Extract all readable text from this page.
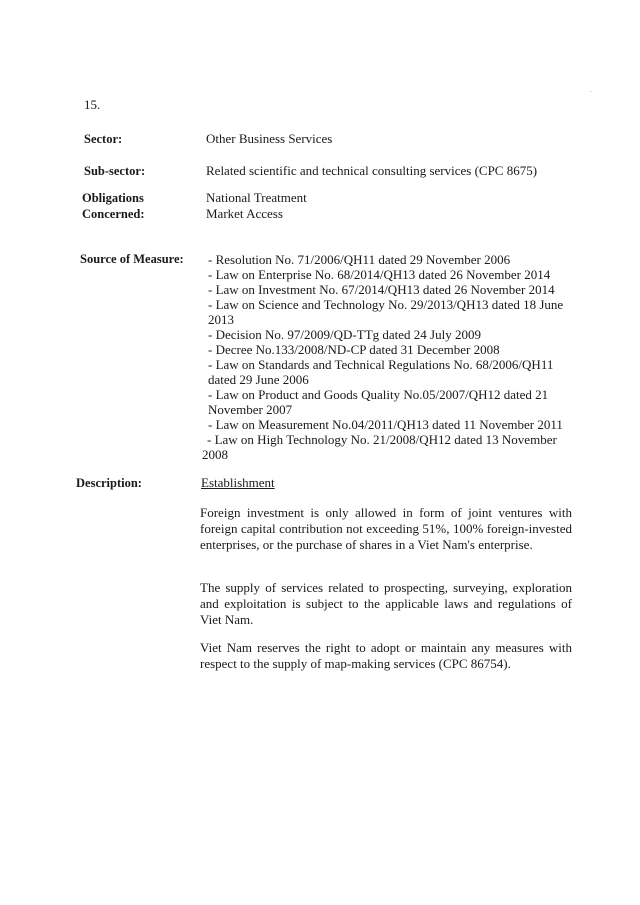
15.
Sector:	Other Business Services
Sub-sector:	Related scientific and technical consulting services (CPC 8675)
Obligations
Concerned:
National Treatment
Market Access
Source of Measure:	- Resolution No. 71/2006/QH11 dated 29 November 2006
- Law on Enterprise No. 68/2014/QH13 dated 26 November 2014
- Law on Investment No. 67/2014/QH13 dated 26 November 2014
- Law on Science and Technology No. 29/2013/QH13 dated 18 June
2013
- Decision No. 97/2009/QD-TTg dated 24 July 2009
- Decree No.133/2008/ND-CP dated 31 December 2008
- Law on Standards and Technical Regulations No. 68/2006/QH11
dated 29 June 2006
- Law on Product and Goods Quality No.05/2007/QH12 dated 21
November 2007
- Law on Measurement No.04/2011/QH13 dated 11 November 2011
- Law on High Technology No. 21/2008/QH12 dated 13 November
2008
Description:	Establishment
Foreign investment is only allowed in form of joint ventures with foreign capital contribution not exceeding 51%, 100% foreign-invested enterprises, or the purchase of shares in a Viet Nam's enterprise.
The supply of services related to prospecting, surveying, exploration and exploitation is subject to the applicable laws and regulations of Viet Nam.
Viet Nam reserves the right to adopt or maintain any measures with respect to the supply of map-making services (CPC 86754).
